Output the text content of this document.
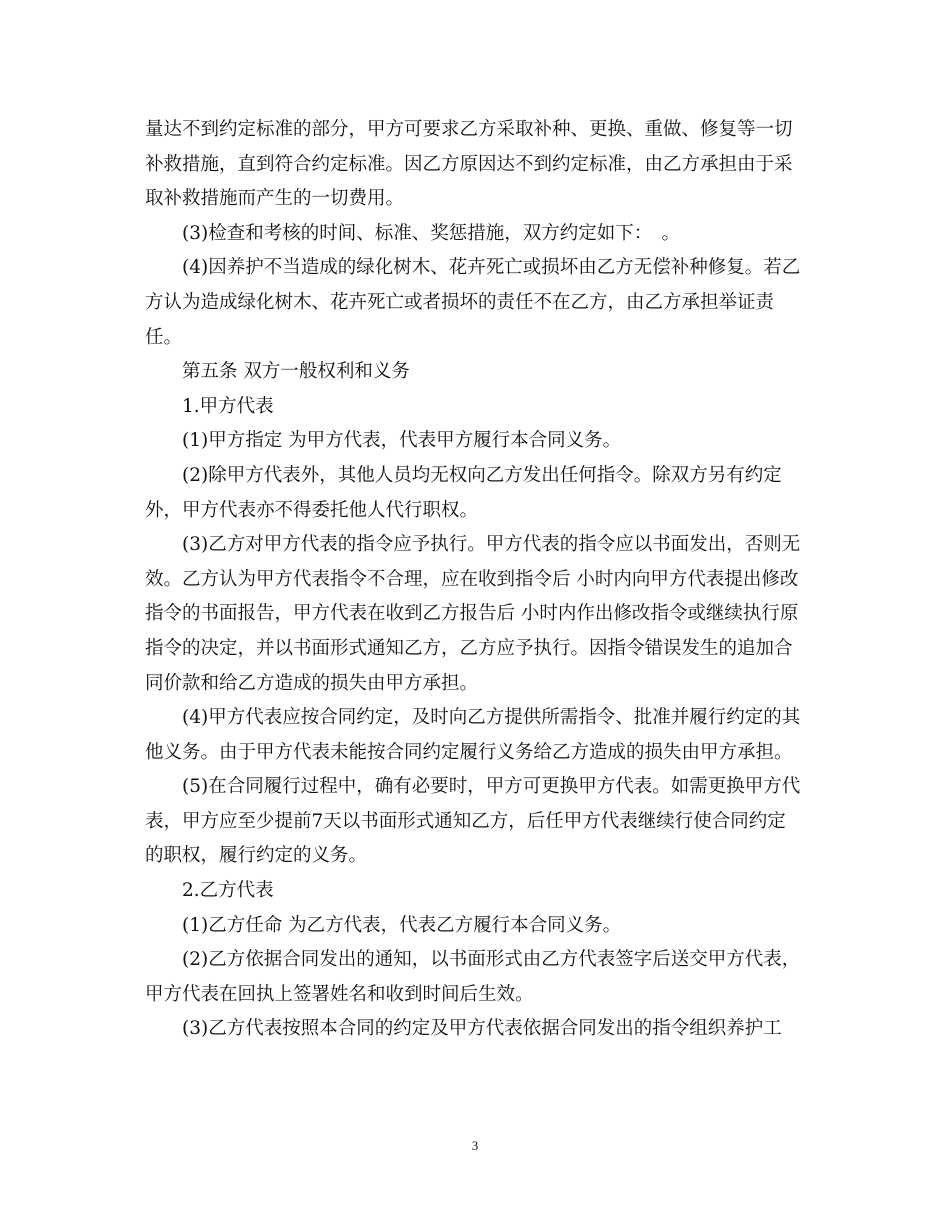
量达不到约定标准的部分，甲方可要求乙方采取补种、更换、重做、修复等一切
补救措施，直到符合约定标准。因乙方原因达不到约定标准，由乙方承担由于采
取补救措施而产生的一切费用。
(3)检查和考核的时间、标准、奖惩措施，双方约定如下：　。
(4)因养护不当造成的绿化树木、花卉死亡或损坏由乙方无偿补种修复。若乙
方认为造成绿化树木、花卉死亡或者损坏的责任不在乙方，由乙方承担举证责
任。
第五条 双方一般权利和义务
1.甲方代表
(1)甲方指定 为甲方代表，代表甲方履行本合同义务。
(2)除甲方代表外，其他人员均无权向乙方发出任何指令。除双方另有约定
外，甲方代表亦不得委托他人代行职权。
(3)乙方对甲方代表的指令应予执行。甲方代表的指令应以书面发出，否则无
效。乙方认为甲方代表指令不合理，应在收到指令后 小时内向甲方代表提出修改
指令的书面报告，甲方代表在收到乙方报告后 小时内作出修改指令或继续执行原
指令的决定，并以书面形式通知乙方，乙方应予执行。因指令错误发生的追加合
同价款和给乙方造成的损失由甲方承担。
(4)甲方代表应按合同约定，及时向乙方提供所需指令、批准并履行约定的其
他义务。由于甲方代表未能按合同约定履行义务给乙方造成的损失由甲方承担。
(5)在合同履行过程中，确有必要时，甲方可更换甲方代表。如需更换甲方代
表，甲方应至少提前7天以书面形式通知乙方，后任甲方代表继续行使合同约定
的职权，履行约定的义务。
2.乙方代表
(1)乙方任命 为乙方代表，代表乙方履行本合同义务。
(2)乙方依据合同发出的通知，以书面形式由乙方代表签字后送交甲方代表，
甲方代表在回执上签署姓名和收到时间后生效。
(3)乙方代表按照本合同的约定及甲方代表依据合同发出的指令组织养护工
3
